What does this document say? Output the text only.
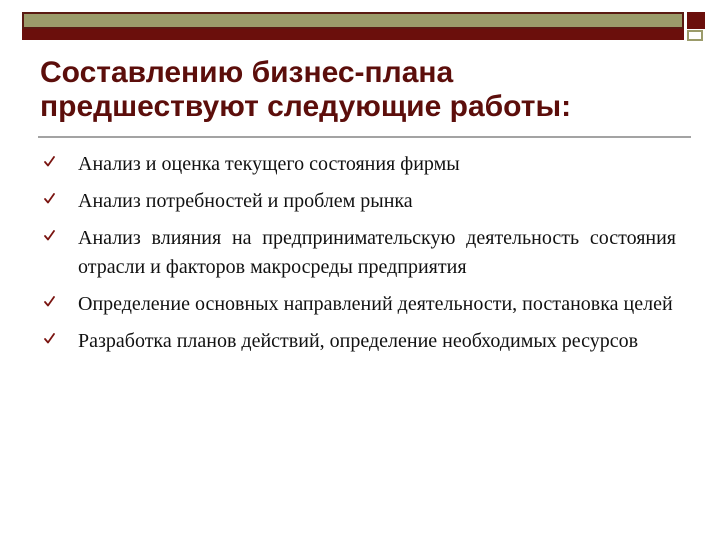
Составлению бизнес-плана
предшествуют следующие работы:
Анализ и оценка текущего состояния фирмы
Анализ потребностей и проблем рынка
Анализ влияния на предпринимательскую деятельность состояния отрасли и факторов макросреды предприятия
Определение основных направлений деятельности, постановка целей
Разработка планов действий, определение необходимых ресурсов
